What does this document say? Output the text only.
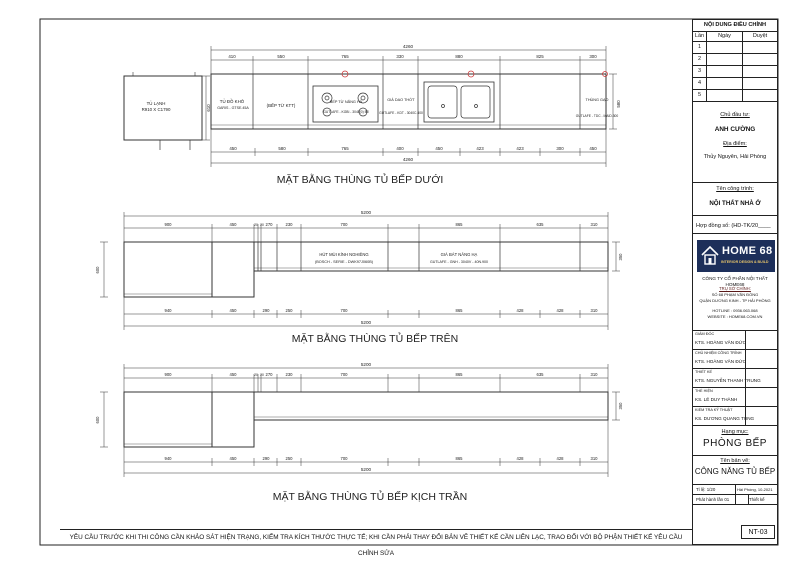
4260
410	550	765	330	880	825	300
TỦ ĐỒ KHÔ
GARIS - GTSE.45A	(BẾP TỪ KTT)
BẾP TỪ NĂNG HÀ
GUTLAFE - KGBI - 3045(0) Bổ
GIÁ DAO THỚT
GUTLAFE - KDT - 3040C.400
THÙNG GẠO
GUTLAFE - TDC - MAID.300
450	580	765	400	450	423	423	300	450
4260
580
610
TỦ LẠNH
R910 X C1790
MẶT BẰNG THÙNG TỦ BẾP DƯỚI
5200
900	450	20 20 270	230	700	865	635	310
HÚT MÙI KÍNH NGHIÊNG
(BOSCH - SERIE - DWK97J060B)
GIÁ BÁT NÂNG HẠ
GUTLAFE - GNH - 3040V - 40N.900
600
350
940	450	290	250	700	865	428	428	310
5200
MẶT BẰNG THÙNG TỦ BẾP TRÊN
5200
900	450	20 20 270	230	700	865	635	310
600
350
940	450	290	250	700	865	428	428	310
5200
MẶT BẰNG THÙNG TỦ BẾP KỊCH TRẦN
YÊU CẦU TRƯỚC KHI THI CÔNG CẦN KHẢO SÁT HIỆN TRẠNG, KIỂM TRA KÍCH THƯỚC THỰC TẾ; KHI CẦN PHẢI THAY ĐỔI BẢN VẼ THIẾT KẾ CẦN LIÊN LẠC, TRAO ĐỔI VỚI BỘ PHẬN THIẾT KẾ YÊU CẦU CHỈNH SỬA
NỘI DUNG ĐIỀU CHỈNH
Lần	Ngày	Duyệt
1
2
3
4
5
Chủ đầu tư:
ANH CƯỜNG
Địa điểm:
Thủy Nguyên, Hải Phòng
Tên công trình:
NỘI THẤT NHÀ Ở
Hợp đồng số: (HD-TK/20____
HOME 68
INTERIOR DESIGN & BUILD
CÔNG TY CỔ PHẦN NỘI THẤT HOME68
TRỤ SỞ CHÍNH:
SỐ 68 PHẠM VĂN ĐỒNG
QUẬN DƯƠNG KINH - TP HẢI PHÒNG
HOTLINE : 0936.063.068
WEBSITE : HOME68.COM.VN
GIÁM ĐỐC
KTS. HOÀNG VĂN ĐỨC
CHỦ NHIỆM CÔNG TRÌNH
KTS. HOÀNG VĂN ĐỨC
THIẾT KẾ
KTS. NGUYỄN THANH TRUNG
THỂ HIỆN
KS. LÊ DUY THÀNH
KIỂM TRA KỸ THUẬT
KS. DƯƠNG QUANG TÙNG
Hạng mục:
PHÒNG BẾP
Tên bản vẽ:
CÔNG NĂNG TỦ BẾP
Tỉ lệ: 1/20	Hải Phòng, 10-2021
Phát hành lần 01	Thiết kế
NT-03
